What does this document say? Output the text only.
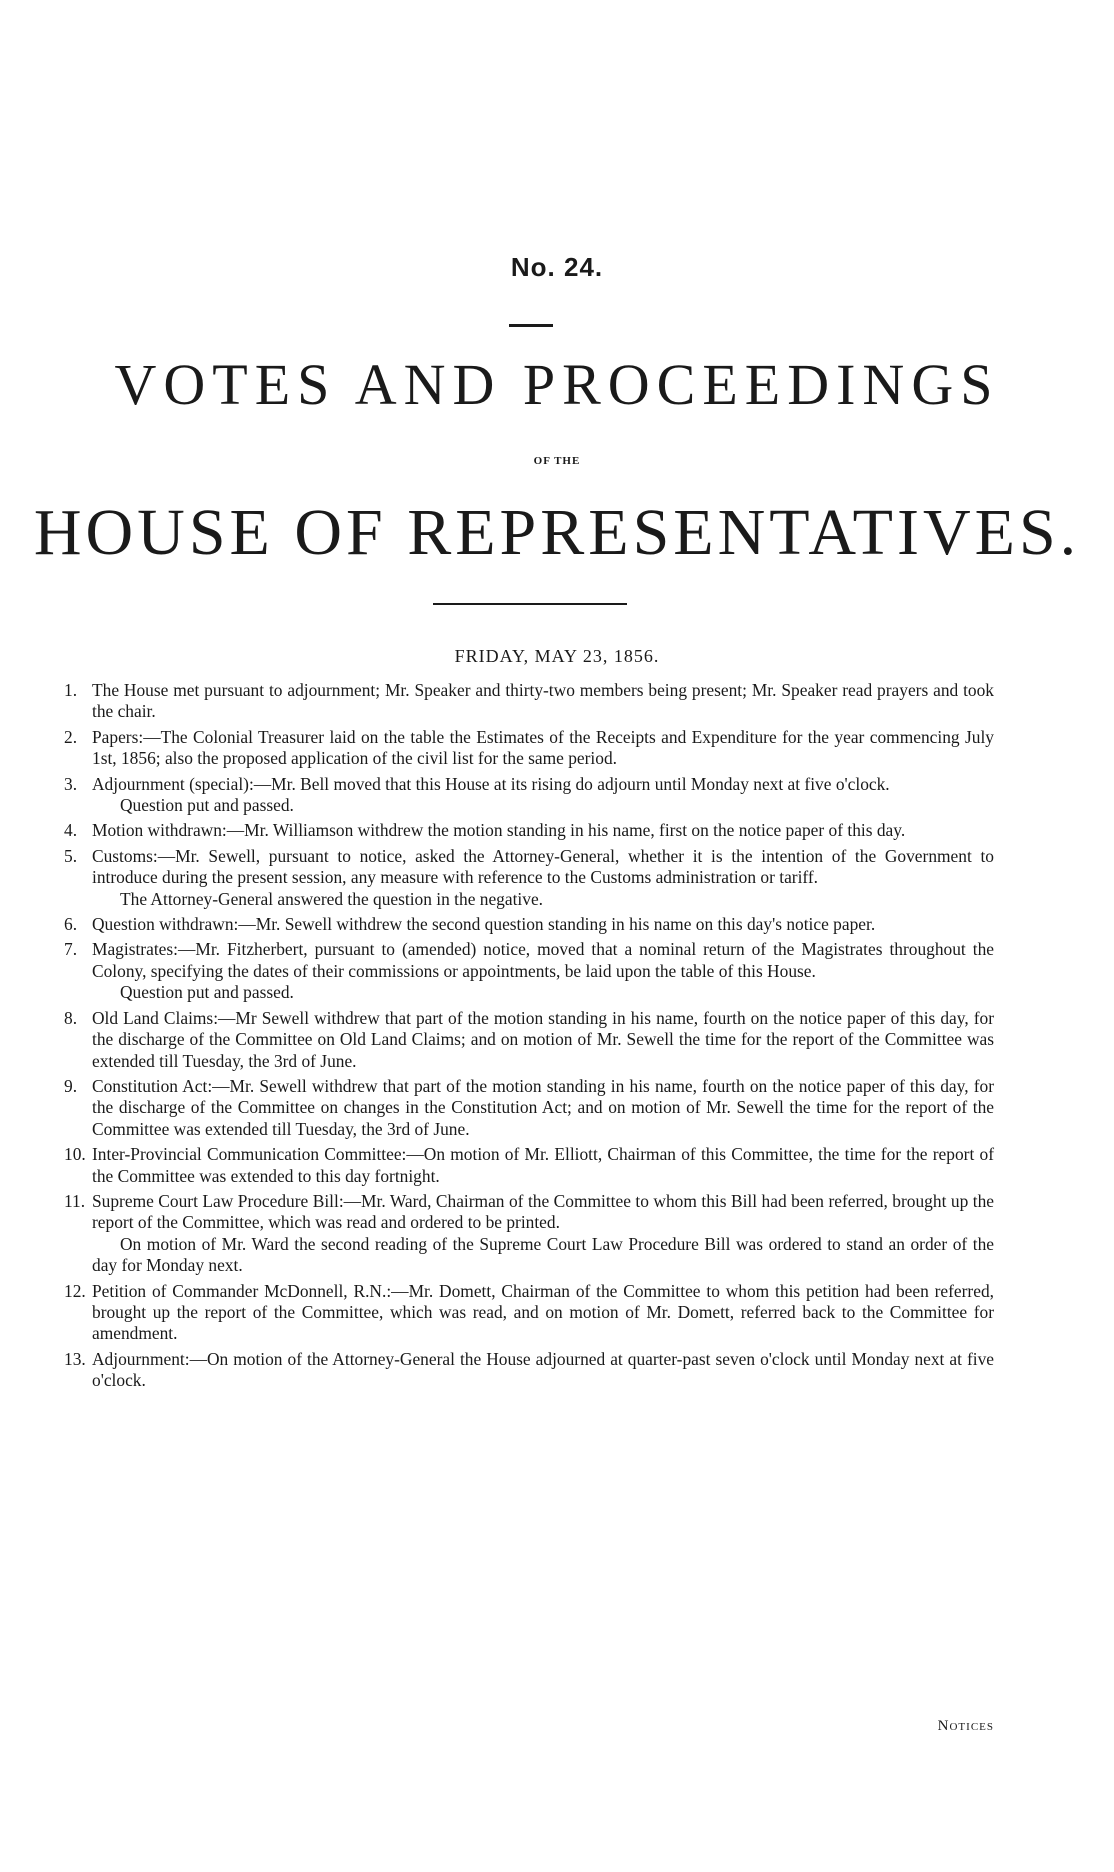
No. 24.
VOTES AND PROCEEDINGS
OF THE
HOUSE OF REPRESENTATIVES.
FRIDAY, MAY 23, 1856.
1. The House met pursuant to adjournment; Mr. Speaker and thirty-two members being present; Mr. Speaker read prayers and took the chair.
2. Papers:—The Colonial Treasurer laid on the table the Estimates of the Receipts and Expenditure for the year commencing July 1st, 1856; also the proposed application of the civil list for the same period.
3. Adjournment (special):—Mr. Bell moved that this House at its rising do adjourn until Monday next at five o'clock.
Question put and passed.
4. Motion withdrawn:—Mr. Williamson withdrew the motion standing in his name, first on the notice paper of this day.
5. Customs:—Mr. Sewell, pursuant to notice, asked the Attorney-General, whether it is the intention of the Government to introduce during the present session, any measure with reference to the Customs administration or tariff.
The Attorney-General answered the question in the negative.
6. Question withdrawn:—Mr. Sewell withdrew the second question standing in his name on this day's notice paper.
7. Magistrates:—Mr. Fitzherbert, pursuant to (amended) notice, moved that a nominal return of the Magistrates throughout the Colony, specifying the dates of their commissions or appointments, be laid upon the table of this House.
Question put and passed.
8. Old Land Claims:—Mr Sewell withdrew that part of the motion standing in his name, fourth on the notice paper of this day, for the discharge of the Committee on Old Land Claims; and on motion of Mr. Sewell the time for the report of the Committee was extended till Tuesday, the 3rd of June.
9. Constitution Act:—Mr. Sewell withdrew that part of the motion standing in his name, fourth on the notice paper of this day, for the discharge of the Committee on changes in the Constitution Act; and on motion of Mr. Sewell the time for the report of the Committee was extended till Tuesday, the 3rd of June.
10. Inter-Provincial Communication Committee:—On motion of Mr. Elliott, Chairman of this Committee, the time for the report of the Committee was extended to this day fortnight.
11. Supreme Court Law Procedure Bill:—Mr. Ward, Chairman of the Committee to whom this Bill had been referred, brought up the report of the Committee, which was read and ordered to be printed.
On motion of Mr. Ward the second reading of the Supreme Court Law Procedure Bill was ordered to stand an order of the day for Monday next.
12. Petition of Commander McDonnell, R.N.:—Mr. Domett, Chairman of the Committee to whom this petition had been referred, brought up the report of the Committee, which was read, and on motion of Mr. Domett, referred back to the Committee for amendment.
13. Adjournment:—On motion of the Attorney-General the House adjourned at quarter-past seven o'clock until Monday next at five o'clock.
Notices
